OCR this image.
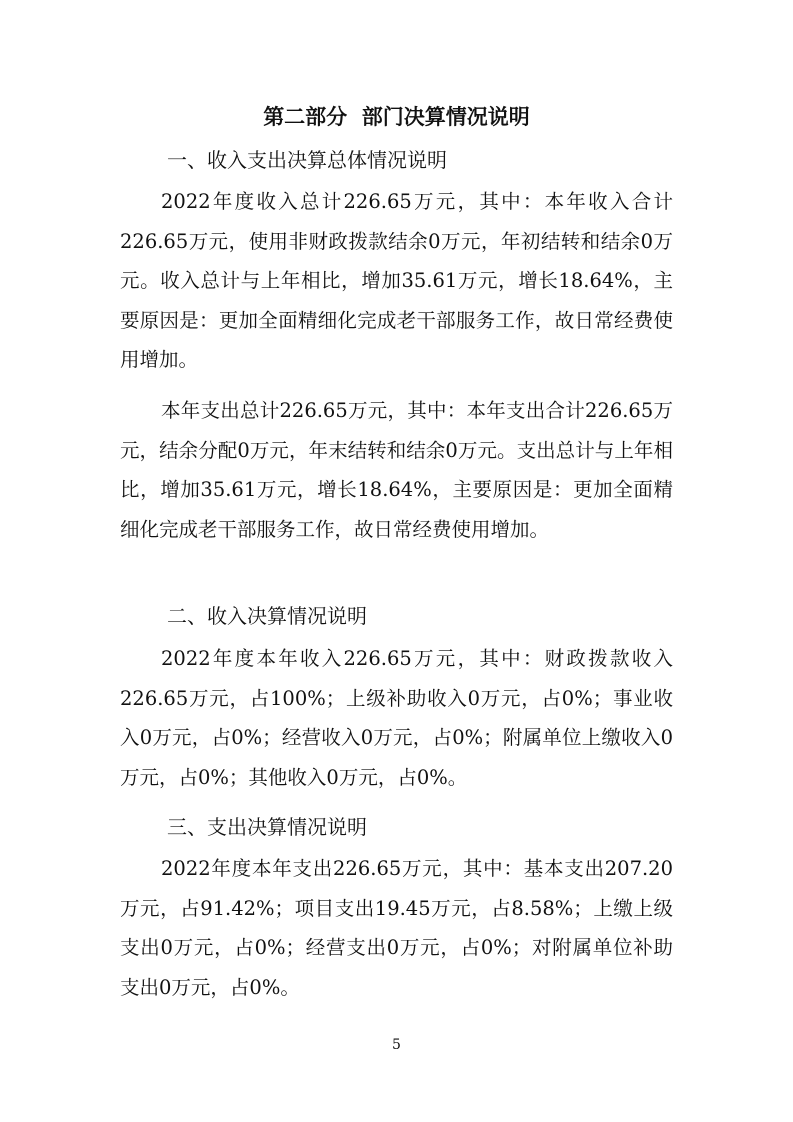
第二部分  部门决算情况说明
一、收入支出决算总体情况说明
2022年度收入总计226.65万元，其中：本年收入合计226.65万元，使用非财政拨款结余0万元，年初结转和结余0万元。收入总计与上年相比，增加35.61万元，增长18.64%，主要原因是：更加全面精细化完成老干部服务工作，故日常经费使用增加。
本年支出总计226.65万元，其中：本年支出合计226.65万元，结余分配0万元，年末结转和结余0万元。支出总计与上年相比，增加35.61万元，增长18.64%，主要原因是：更加全面精细化完成老干部服务工作，故日常经费使用增加。
二、收入决算情况说明
2022年度本年收入226.65万元，其中：财政拨款收入226.65万元，占100%；上级补助收入0万元，占0%；事业收入0万元，占0%；经营收入0万元，占0%；附属单位上缴收入0万元，占0%；其他收入0万元，占0%。
三、支出决算情况说明
2022年度本年支出226.65万元，其中：基本支出207.20万元，占91.42%；项目支出19.45万元，占8.58%；上缴上级支出0万元，占0%；经营支出0万元，占0%；对附属单位补助支出0万元，占0%。
5
